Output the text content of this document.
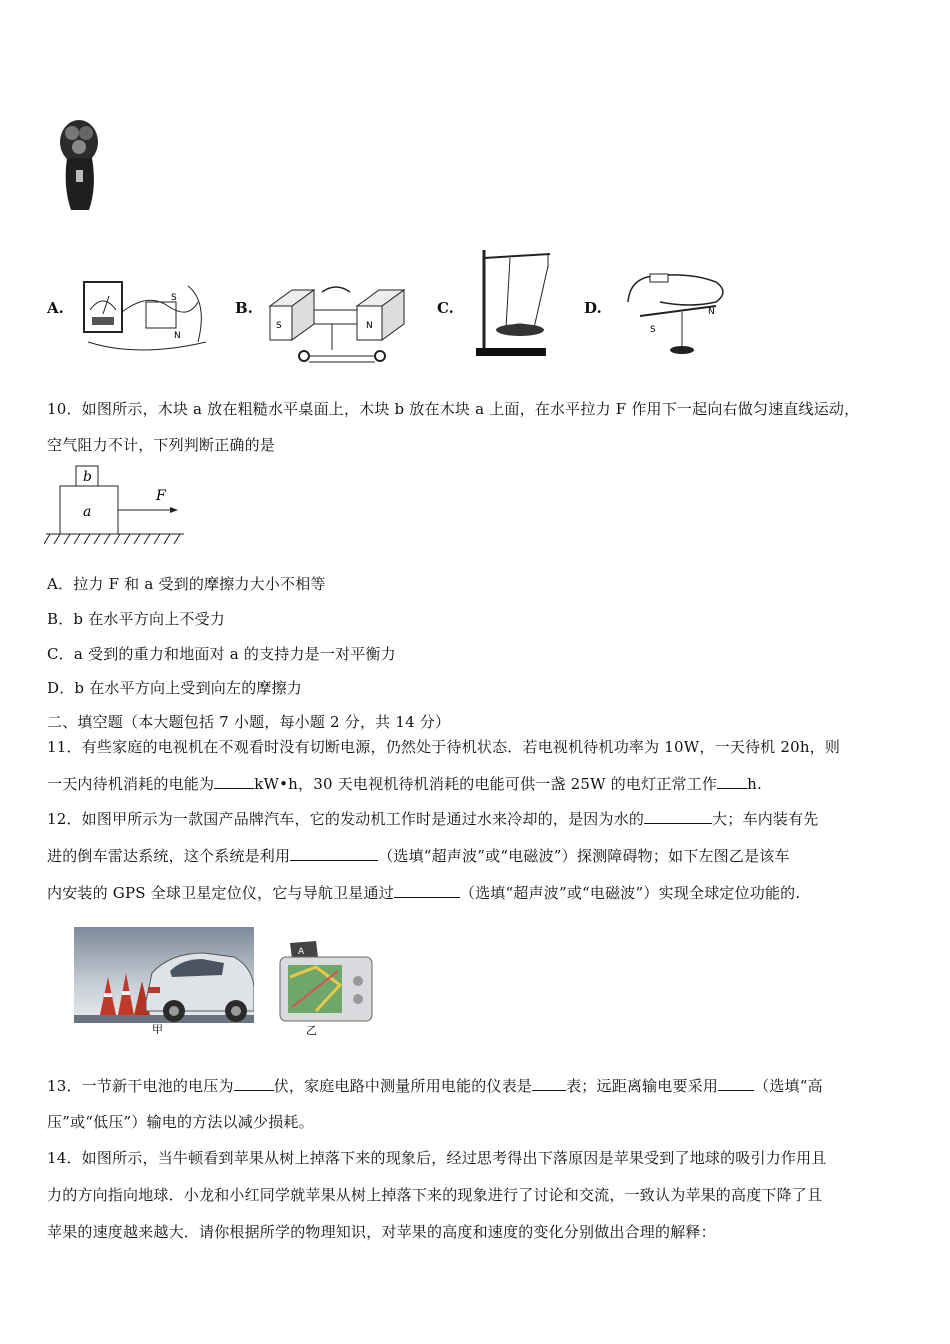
A.	B.	C.	D.
S
N
S	N	S
N
10．如图所示，木块 a 放在粗糙水平桌面上，木块 b 放在木块 a 上面，在水平拉力 F 作用下一起向右做匀速直线运动，
空气阻力不计，下列判断正确的是
b
a
F
A．拉力 F 和 a 受到的摩擦力大小不相等
B．b 在水平方向上不受力
C．a 受到的重力和地面对 a 的支持力是一对平衡力
D．b 在水平方向上受到向左的摩擦力
二、填空题（本大题包括 7 小题，每小题 2 分，共 14 分）
11．有些家庭的电视机在不观看时没有切断电源，仍然处于待机状态．若电视机待机功率为 10W，一天待机 20h，则
一天内待机消耗的电能为	kW•h，30 天电视机待机消耗的电能可供一盏 25W 的电灯正常工作 h.
12．如图甲所示为一款国产品牌汽车，它的发动机工作时是通过水来冷却的，是因为水的	大；车内装有先
进的倒车雷达系统，这个系统是利用	（选填“超声波”或“电磁波”）探测障碍物；如下左图乙是该车
内安装的 GPS 全球卫星定位仪，它与导航卫星通过	（选填“超声波”或“电磁波”）实现全球定位功能的.
甲
A
乙
13．一节新干电池的电压为	伏，家庭电路中测量所用电能的仪表是 表；远距离输电要采用 （选填“高
压”或“低压”）输电的方法以减少损耗。
14．如图所示，当牛顿看到苹果从树上掉落下来的现象后，经过思考得出下落原因是苹果受到了地球的吸引力作用且
力的方向指向地球．小龙和小红同学就苹果从树上掉落下来的现象进行了讨论和交流，一致认为苹果的高度下降了且
苹果的速度越来越大．请你根据所学的物理知识，对苹果的高度和速度的变化分别做出合理的解释：
